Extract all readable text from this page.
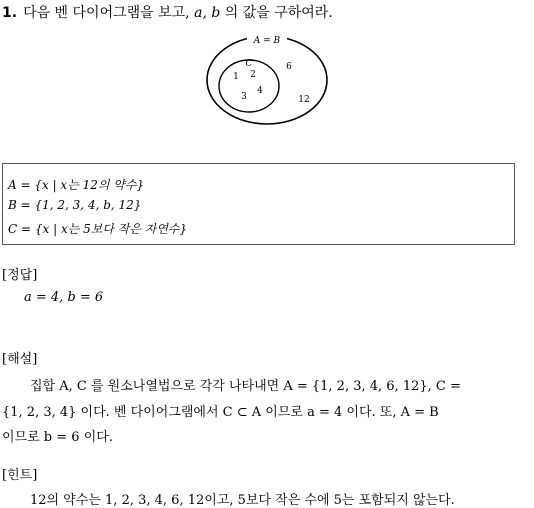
1. 다음 벤 다이어그램을 보고, a, b 의 값을 구하여라.
A = B
C
1 2
3
4
6
12
A = {x | x는 12의 약수}
B = {1, 2, 3, 4, b, 12}
C = {x | x는 5보다 작은 자연수}
[정답]
a = 4, b = 6
[해설]
집합 A, C 를 원소나열법으로 각각 나타내면 A = {1, 2, 3, 4, 6, 12}, C =
{1, 2, 3, 4} 이다. 벤 다이어그램에서 C ⊂ A 이므로 a = 4 이다. 또, A = B
이므로 b = 6 이다.
[힌트]
12의 약수는 1, 2, 3, 4, 6, 12이고, 5보다 작은 수에 5는 포함되지 않는다.
